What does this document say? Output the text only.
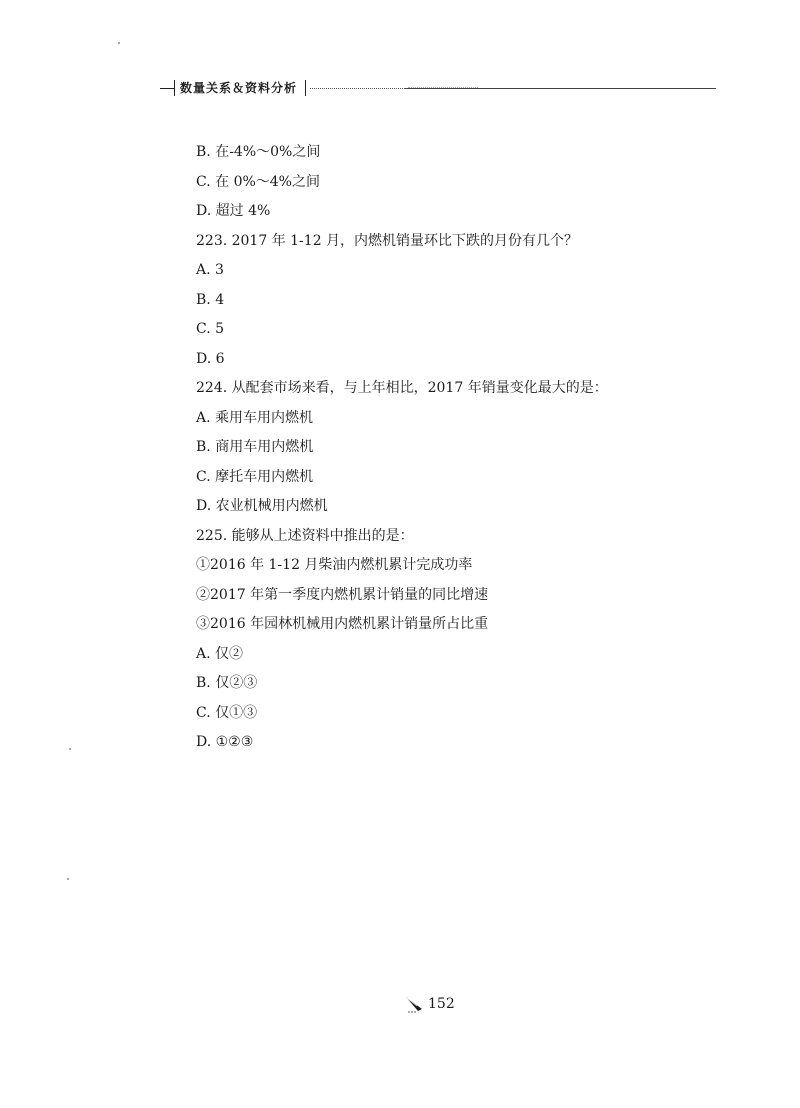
数量关系＆资料分析
B. 在-4%～0%之间
C. 在 0%～4%之间
D. 超过 4%
223. 2017 年 1-12 月，内燃机销量环比下跌的月份有几个？
A. 3
B. 4
C. 5
D. 6
224. 从配套市场来看，与上年相比，2017 年销量变化最大的是：
A. 乘用车用内燃机
B. 商用车用内燃机
C. 摩托车用内燃机
D. 农业机械用内燃机
225. 能够从上述资料中推出的是：
①2016 年 1-12 月柴油内燃机累计完成功率
②2017 年第一季度内燃机累计销量的同比增速
③2016 年园林机械用内燃机累计销量所占比重
A. 仅②
B. 仅②③
C. 仅①③
D. ①②③
152
